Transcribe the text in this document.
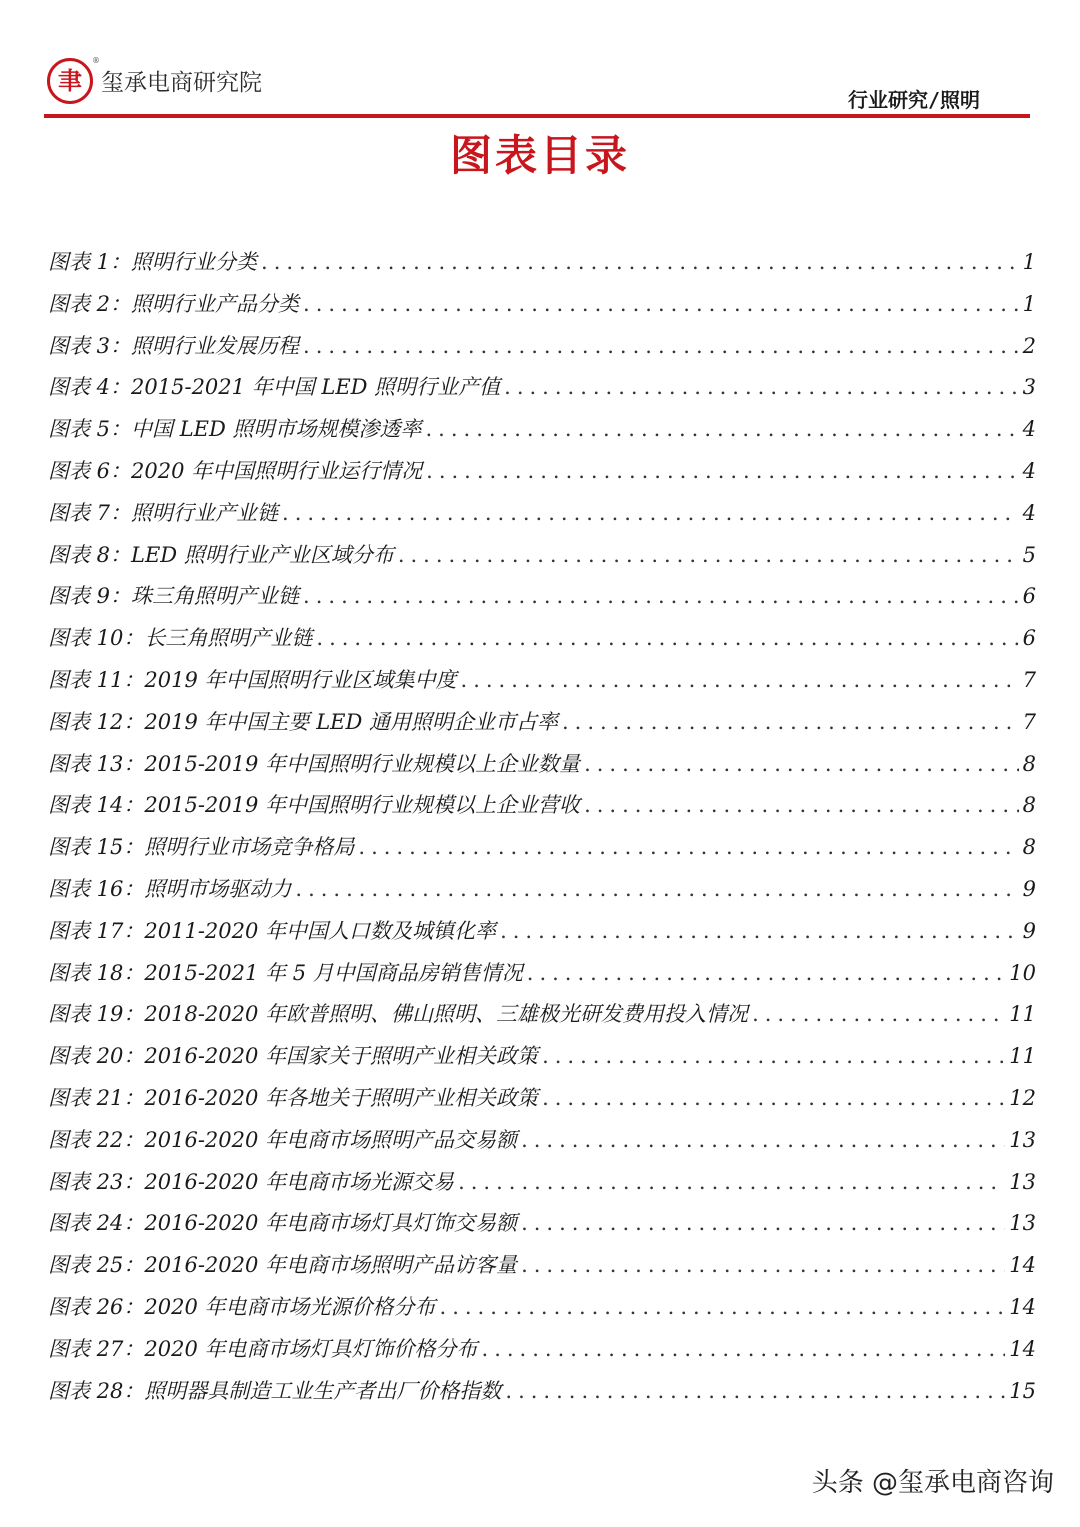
聿
®
玺承电商研究院
行业研究/照明
图表目录
图表 1：照明行业分类 .....	1
图表 2：照明行业产品分类 .....	1
图表 3：照明行业发展历程 .....	2
图表 4：2015-2021 年中国 LED 照明行业产值 .....	3
图表 5：中国 LED 照明市场规模渗透率 .....	4
图表 6：2020 年中国照明行业运行情况 .....	4
图表 7：照明行业产业链 .....	4
图表 8：LED 照明行业产业区域分布 .....	5
图表 9：珠三角照明产业链 .....	6
图表 10：长三角照明产业链 .....	6
图表 11：2019 年中国照明行业区域集中度 .....	7
图表 12：2019 年中国主要 LED 通用照明企业市占率 .....	7
图表 13：2015-2019 年中国照明行业规模以上企业数量 .....	8
图表 14：2015-2019 年中国照明行业规模以上企业营收 .....	8
图表 15：照明行业市场竞争格局 .....	8
图表 16：照明市场驱动力 .....	9
图表 17：2011-2020 年中国人口数及城镇化率 .....	9
图表 18：2015-2021 年 5 月中国商品房销售情况 .....	10
图表 19：2018-2020 年欧普照明、佛山照明、三雄极光研发费用投入情况 .....	11
图表 20：2016-2020 年国家关于照明产业相关政策 .....	11
图表 21：2016-2020 年各地关于照明产业相关政策 .....	12
图表 22：2016-2020 年电商市场照明产品交易额 .....	13
图表 23：2016-2020 年电商市场光源交易 .....	13
图表 24：2016-2020 年电商市场灯具灯饰交易额 .....	13
图表 25：2016-2020 年电商市场照明产品访客量 .....	14
图表 26：2020 年电商市场光源价格分布 .....	14
图表 27：2020 年电商市场灯具灯饰价格分布 .....	14
图表 28：照明器具制造工业生产者出厂价格指数 .....	15
头条 @玺承电商咨询
